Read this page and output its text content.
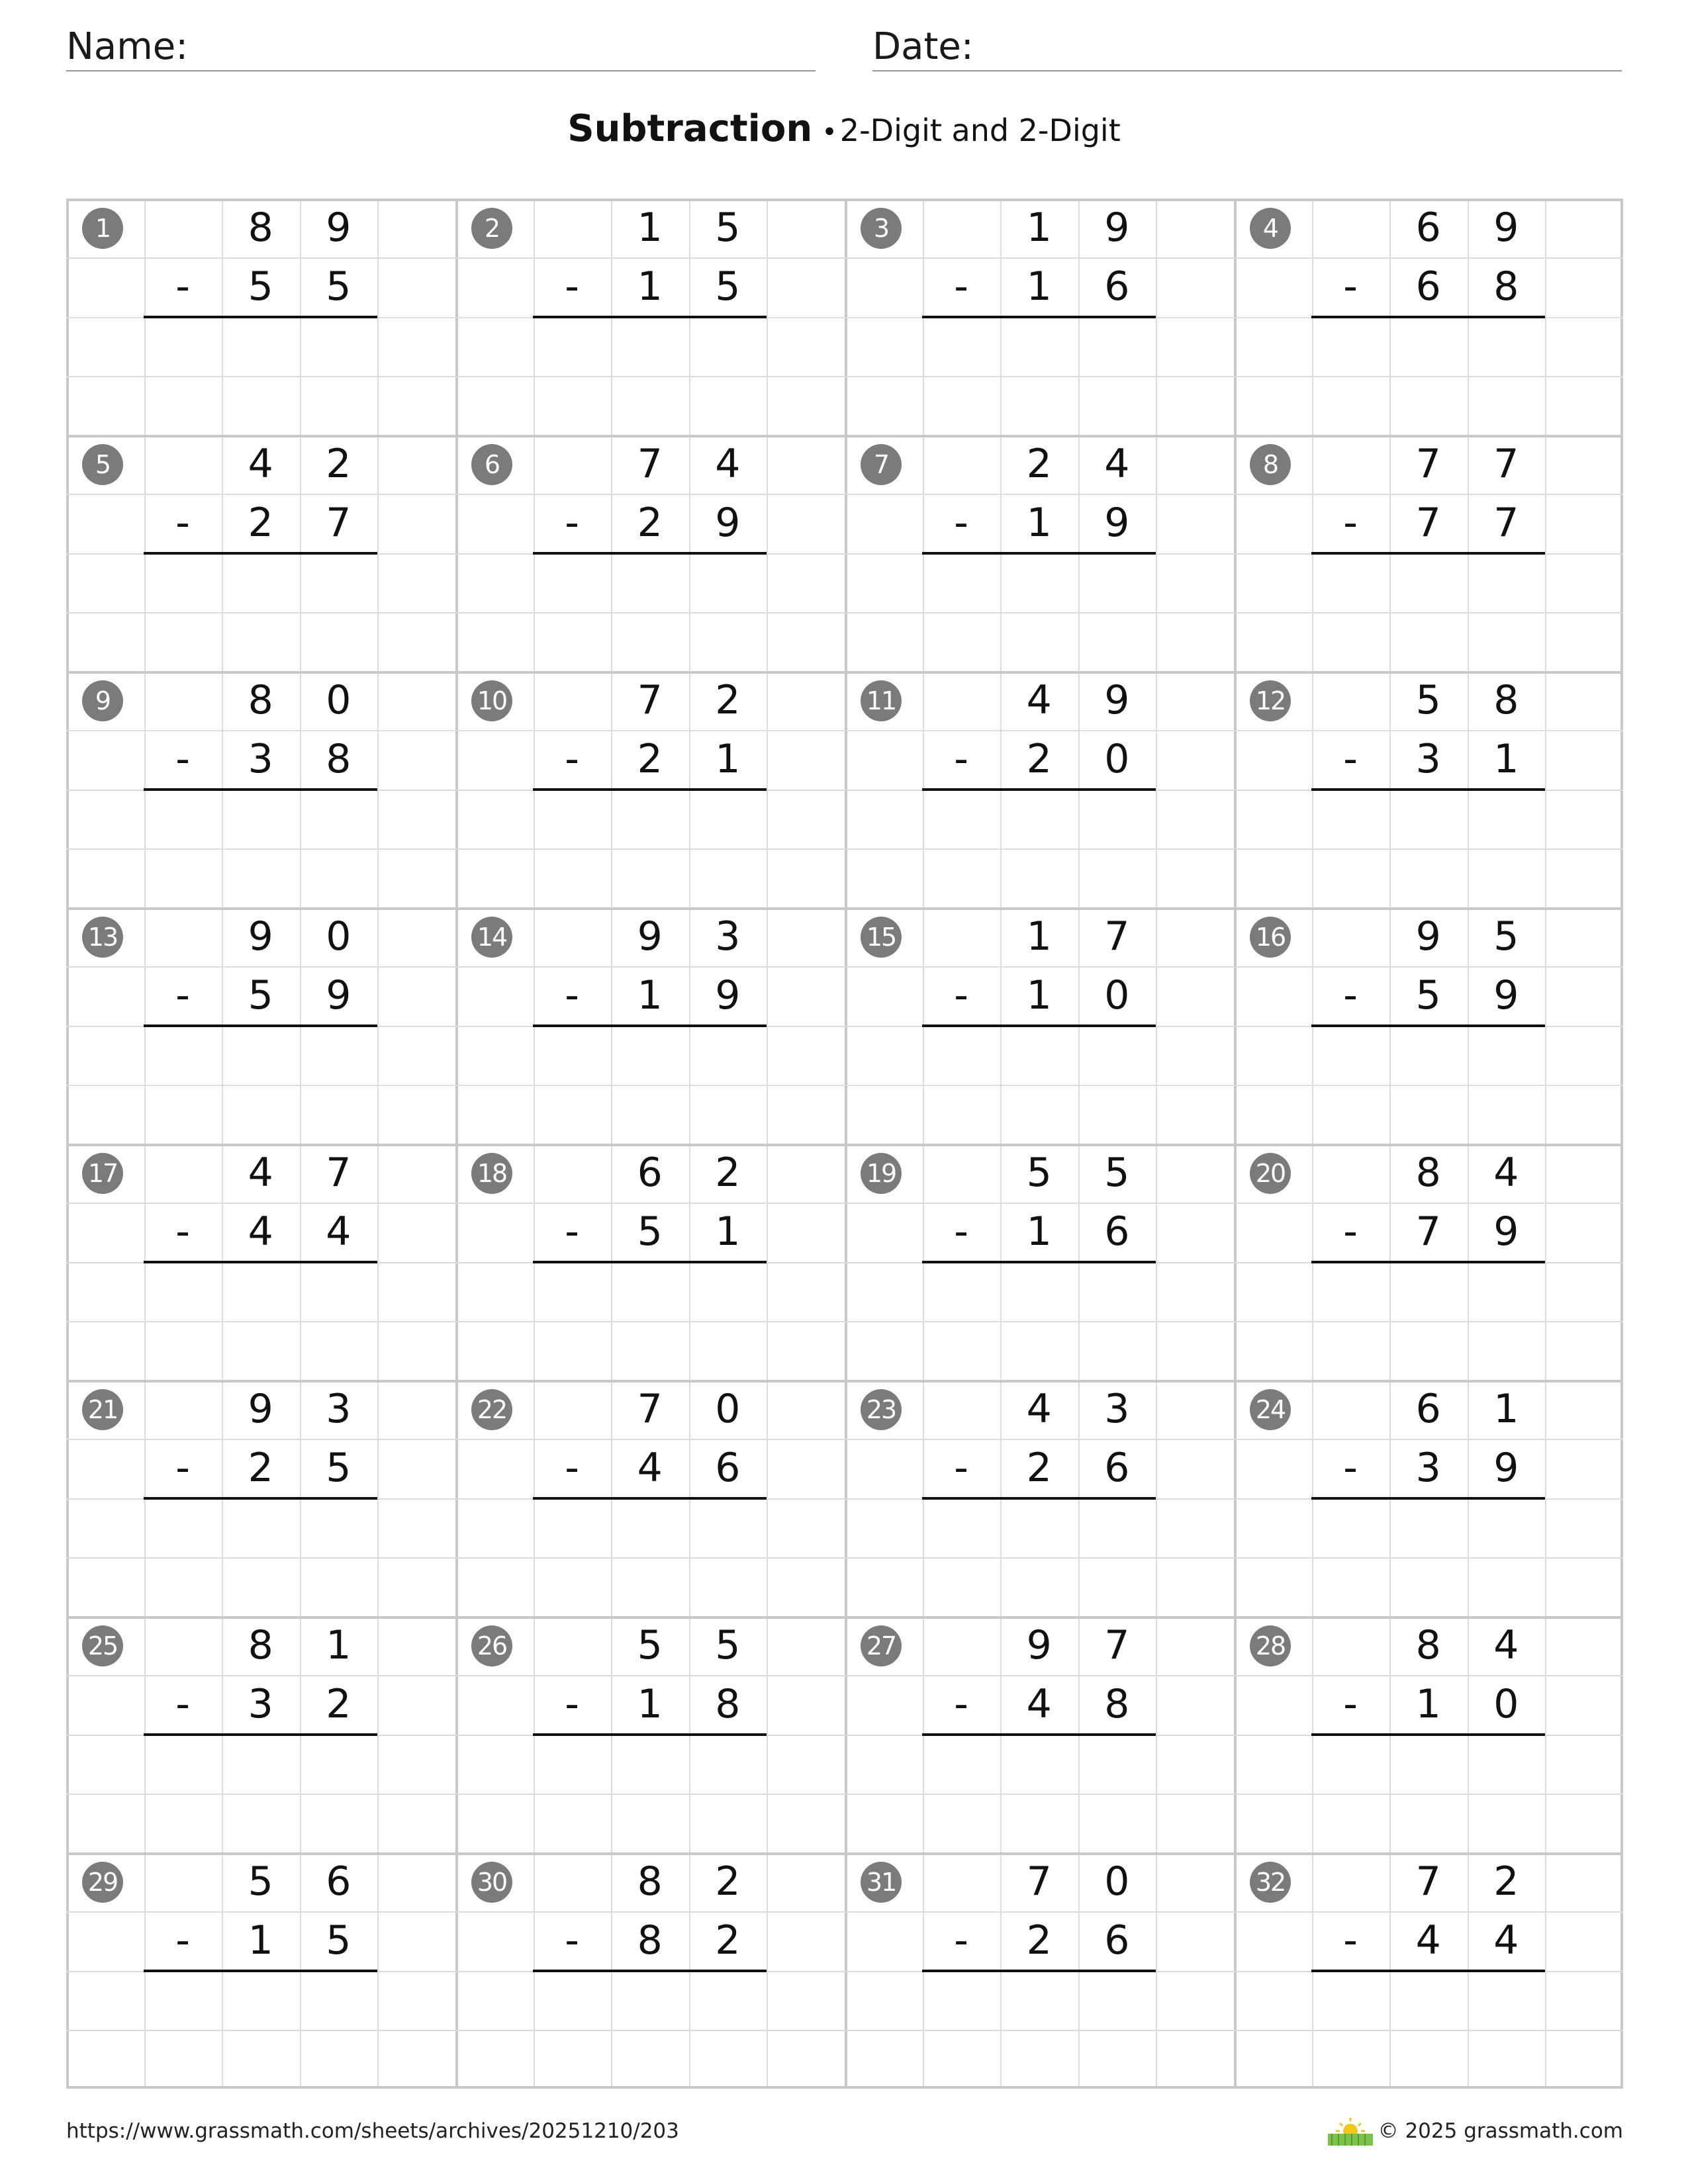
Name:	Date:
Subtraction •2-Digit and 2-Digit
1	8	9
-	5	5
2	1	5
-	1	5
3	1	9
-	1	6
4	6	9
-	6	8
5	4	2
-	2	7
6	7	4
-	2	9
7	2	4
-	1	9
8	7	7
-	7	7
9	8	0
-	3	8
10	7	2
-	2	1
11	4	9
-	2	0
12	5	8
-	3	1
13	9	0
-	5	9
14	9	3
-	1	9
15	1	7
-	1	0
16	9	5
-	5	9
17	4	7
-	4	4
18	6	2
-	5	1
19	5	5
-	1	6
20	8	4
-	7	9
21	9	3
-	2	5
22	7	0
-	4	6
23	4	3
-	2	6
24	6	1
-	3	9
25	8	1
-	3	2
26	5	5
-	1	8
27	9	7
-	4	8
28	8	4
-	1	0
29	5	6
-	1	5
30	8	2
-	8	2
31	7	0
-	2	6
32	7	2
-	4	4
https://www.grassmath.com/sheets/archives/20251210/203	© 2025 grassmath.com
